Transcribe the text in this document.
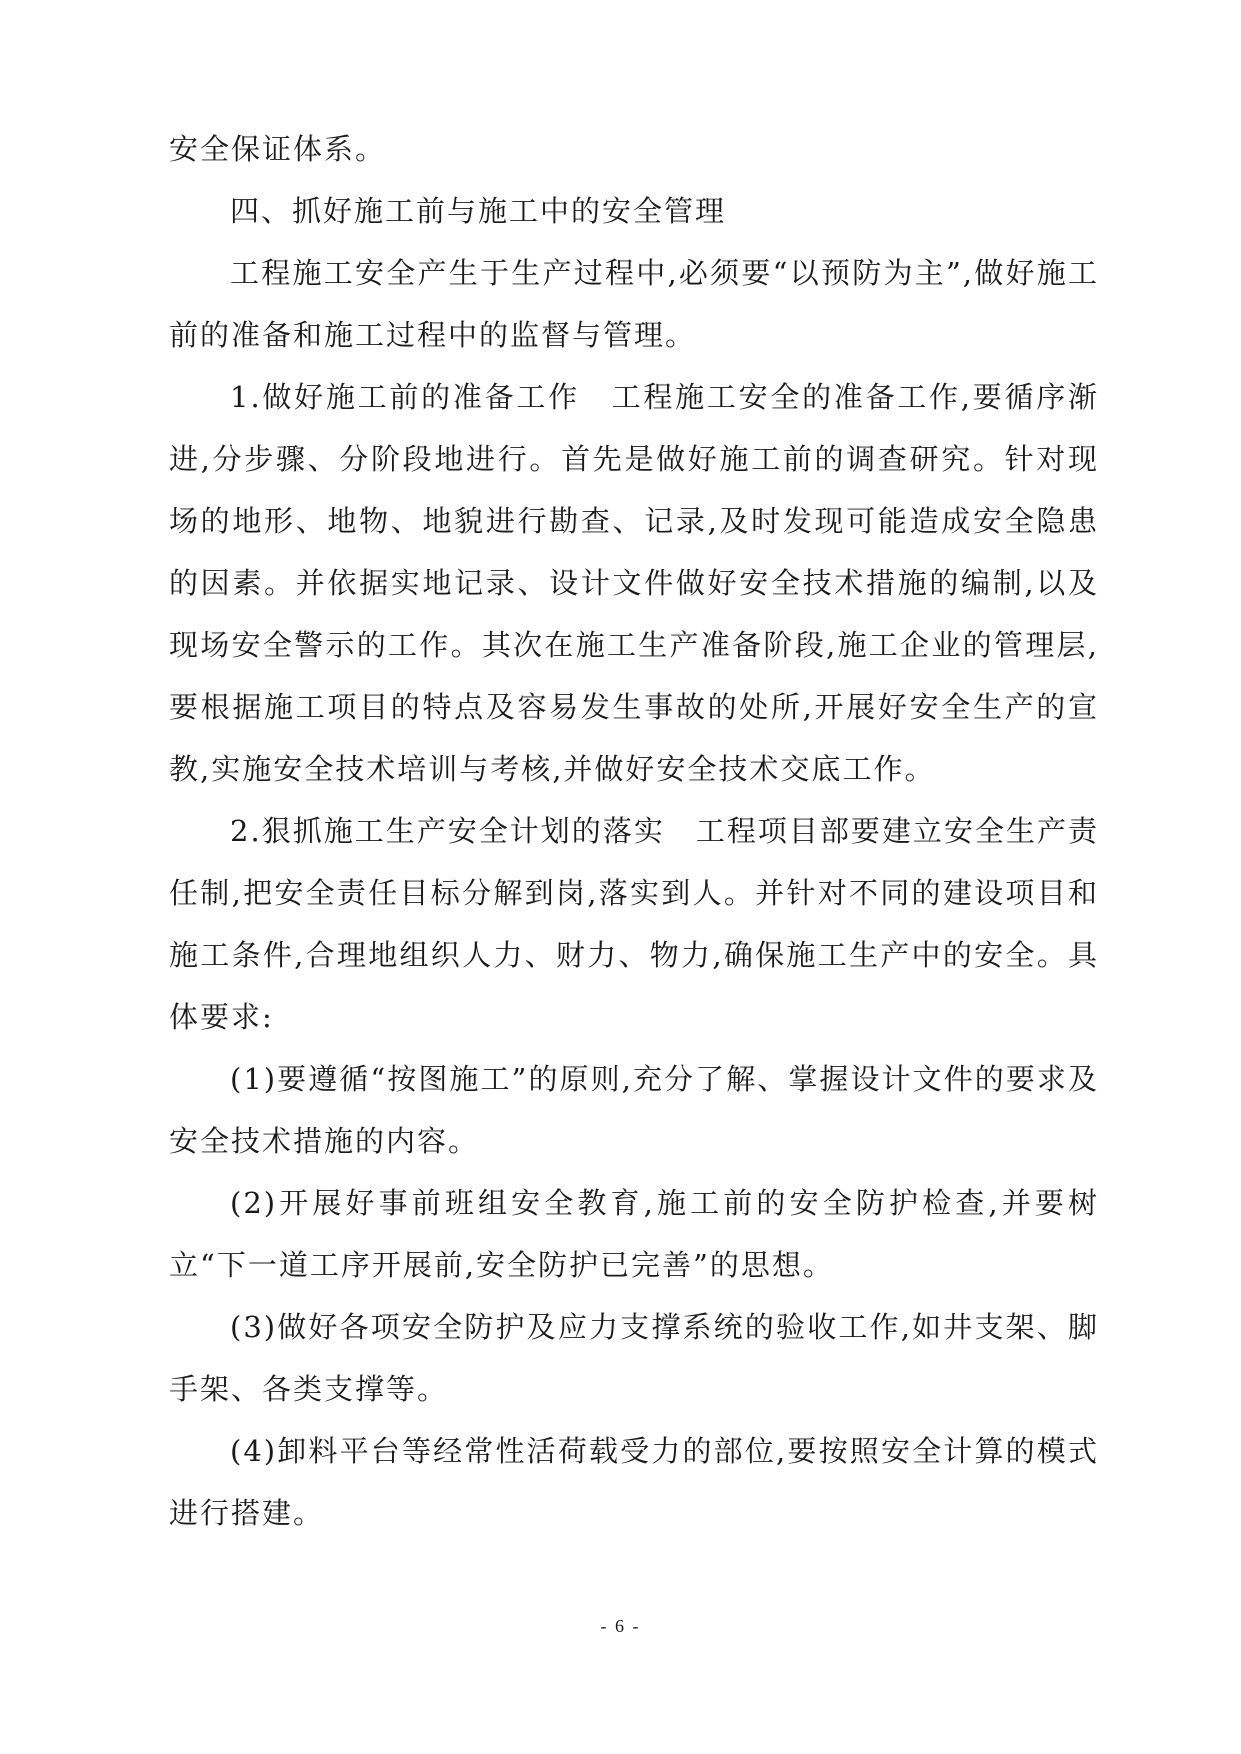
安全保证体系。

四、抓好施工前与施工中的安全管理

工程施工安全产生于生产过程中,必须要“以预防为主”,做好施工前的准备和施工过程中的监督与管理。

1.做好施工前的准备工作　工程施工安全的准备工作,要循序渐进,分步骤、分阶段地进行。首先是做好施工前的调查研究。针对现场的地形、地物、地貌进行勘查、记录,及时发现可能造成安全隐患的因素。并依据实地记录、设计文件做好安全技术措施的编制,以及现场安全警示的工作。其次在施工生产准备阶段,施工企业的管理层,要根据施工项目的特点及容易发生事故的处所,开展好安全生产的宣教,实施安全技术培训与考核,并做好安全技术交底工作。

2.狠抓施工生产安全计划的落实　工程项目部要建立安全生产责任制,把安全责任目标分解到岗,落实到人。并针对不同的建设项目和施工条件,合理地组织人力、财力、物力,确保施工生产中的安全。具体要求:

(1)要遵循“按图施工”的原则,充分了解、掌握设计文件的要求及安全技术措施的内容。

(2)开展好事前班组安全教育,施工前的安全防护检查,并要树立“下一道工序开展前,安全防护已完善”的思想。

(3)做好各项安全防护及应力支撑系统的验收工作,如井支架、脚手架、各类支撑等。

(4)卸料平台等经常性活荷载受力的部位,要按照安全计算的模式进行搭建。

- 6 -
